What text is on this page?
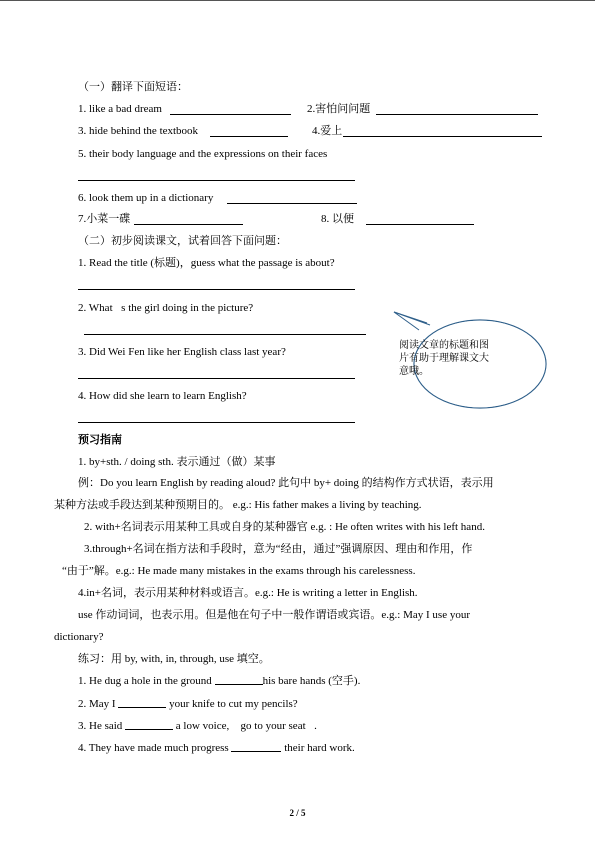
（一）翻译下面短语：
1. like a bad dream	2.害怕问问题
3. hide behind the textbook	4.爱上
5. their body language and the expressions on their faces
6. look them up in a dictionary
7.小菜一碟	8. 以便
（二）初步阅读课文，试着回答下面问题：
1. Read the title (标题)，guess what the passage is about?
2. What s the girl doing in the picture?
3. Did Wei Fen like her English class last year?
4. How did she learn to learn English?
阅读文章的标题和图片有助于理解课文大意哦。
预习指南
1. by+sth. / doing sth. 表示通过（做）某事
例：Do you learn English by reading aloud? 此句中 by+ doing 的结构作方式状语，表示用
某种方法或手段达到某种预期目的。 e.g.: His father makes a living by teaching.
2. with+名词表示用某种工具或自身的某种器官 e.g. : He often writes with his left hand.
3.through+名词在指方法和手段时，意为“经由，通过”强调原因、理由和作用，作
“由于”解。e.g.: He made many mistakes in the exams through his carelessness.
4.in+名词，表示用某种材料或语言。e.g.: He is writing a letter in English.
use 作动词词，也表示用。但是他在句子中一般作谓语或宾语。e.g.: May I use your
dictionary?
练习：用 by, with, in, through, use 填空。
1. He dug a hole in the ground	his bare hands (空手).
2. May I	your knife to cut my pencils?
3. He said	a low voice,  go to your seat .
4. They have made much progress	their hard work.
2 / 5
